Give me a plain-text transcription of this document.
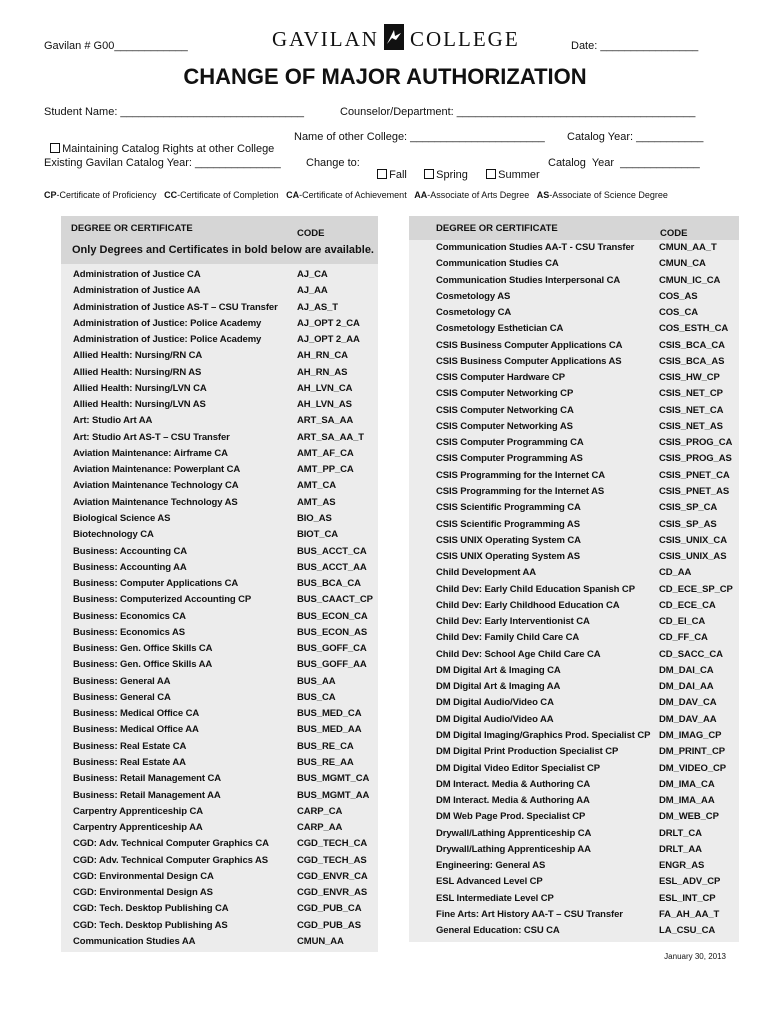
Gavilan # G00____________	GAVILAN COLLEGE	Date: ________________
CHANGE OF MAJOR AUTHORIZATION
Student Name: ______________________________	Counselor/Department: _______________________________________

Maintaining Catalog Rights at other College

Name of other College: ______________________ Catalog Year: ___________
Existing Gavilan Catalog Year: ______________ Change to:

Fall	Spring	Summer

Catalog  Year  _____________
CP-Certificate of Proficiency CC-Certificate of Completion CA-Certificate of Achievement AA-Associate of Arts Degree AS-Associate of Science Degree
DEGREE OR CERTIFICATE	CODE
Only Degrees and Certificates in bold below are available.
Administration of Justice CA	AJ_CA
Administration of Justice AA	AJ_AA
Administration of Justice AS-T – CSU Transfer AJ_AS_T
Administration of Justice: Police Academy	AJ_OPT 2_CA
Administration of Justice: Police Academy	AJ_OPT 2_AA
Allied Health: Nursing/RN CA	AH_RN_CA
Allied Health: Nursing/RN AS	AH_RN_AS
Allied Health: Nursing/LVN CA	AH_LVN_CA
Allied Health: Nursing/LVN AS	AH_LVN_AS
Art: Studio Art AA	ART_SA_AA
Art: Studio Art AS-T – CSU Transfer	ART_SA_AA_T
Aviation Maintenance: Airframe CA	AMT_AF_CA
Aviation Maintenance: Powerplant CA	AMT_PP_CA
Aviation Maintenance Technology CA	AMT_CA
Aviation Maintenance Technology AS	AMT_AS
Biological Science AS	BIO_AS
Biotechnology CA	BIOT_CA
Business: Accounting CA	BUS_ACCT_CA
Business: Accounting AA	BUS_ACCT_AA
Business: Computer Applications CA	BUS_BCA_CA
Business: Computerized Accounting CP	BUS_CAACT_CP
Business: Economics CA	BUS_ECON_CA
Business: Economics AS	BUS_ECON_AS
Business: Gen. Office Skills CA	BUS_GOFF_CA
Business: Gen. Office Skills AA	BUS_GOFF_AA
Business: General AA	BUS_AA
Business: General CA	BUS_CA
Business: Medical Office CA	BUS_MED_CA
Business: Medical Office AA	BUS_MED_AA
Business: Real Estate CA	BUS_RE_CA
Business: Real Estate AA	BUS_RE_AA
Business: Retail Management CA	BUS_MGMT_CA
Business: Retail Management AA	BUS_MGMT_AA
Carpentry Apprenticeship CA	CARP_CA
Carpentry Apprenticeship AA	CARP_AA
CGD: Adv. Technical Computer Graphics CA	CGD_TECH_CA
CGD: Adv. Technical Computer Graphics AS	CGD_TECH_AS
CGD: Environmental Design CA	CGD_ENVR_CA
CGD: Environmental Design AS	CGD_ENVR_AS
CGD: Tech. Desktop Publishing CA	CGD_PUB_CA
CGD: Tech. Desktop Publishing AS	CGD_PUB_AS
Communication Studies AA	CMUN_AA
DEGREE OR CERTIFICATE	CODE
Communication Studies AA-T - CSU Transfer	CMUN_AA_T
Communication Studies CA	CMUN_CA
Communication Studies Interpersonal CA	CMUN_IC_CA
Cosmetology AS	COS_AS
Cosmetology CA	COS_CA
Cosmetology Esthetician CA	COS_ESTH_CA
CSIS Business Computer Applications CA	CSIS_BCA_CA
CSIS Business Computer Applications AS	CSIS_BCA_AS
CSIS Computer Hardware CP	CSIS_HW_CP
CSIS Computer Networking CP	CSIS_NET_CP
CSIS Computer Networking CA	CSIS_NET_CA
CSIS Computer Networking AS	CSIS_NET_AS
CSIS Computer Programming CA	CSIS_PROG_CA
CSIS Computer Programming AS	CSIS_PROG_AS
CSIS Programming for the Internet CA	CSIS_PNET_CA
CSIS Programming for the Internet AS	CSIS_PNET_AS
CSIS Scientific Programming CA	CSIS_SP_CA
CSIS Scientific Programming AS	CSIS_SP_AS
CSIS UNIX Operating System CA	CSIS_UNIX_CA
CSIS UNIX Operating System AS	CSIS_UNIX_AS
Child Development AA	CD_AA
Child Dev: Early Child Education Spanish CP	CD_ECE_SP_CP
Child Dev: Early Childhood Education CA	CD_ECE_CA
Child Dev: Early Interventionist CA	CD_EI_CA
Child Dev: Family Child Care CA	CD_FF_CA
Child Dev: School Age Child Care CA	CD_SACC_CA
DM Digital Art & Imaging CA	DM_DAI_CA
DM Digital Art & Imaging AA	DM_DAI_AA
DM Digital Audio/Video CA	DM_DAV_CA
DM Digital Audio/Video AA	DM_DAV_AA
DM Digital Imaging/Graphics Prod. Specialist CP DM_IMAG_CP
DM Digital Print Production Specialist CP	DM_PRINT_CP
DM Digital Video Editor Specialist CP	DM_VIDEO_CP
DM Interact. Media & Authoring CA	DM_IMA_CA
DM Interact. Media & Authoring AA	DM_IMA_AA
DM Web Page Prod. Specialist CP	DM_WEB_CP
Drywall/Lathing Apprenticeship CA	DRLT_CA
Drywall/Lathing Apprenticeship AA	DRLT_AA
Engineering: General AS	ENGR_AS
ESL Advanced Level CP	ESL_ADV_CP
ESL Intermediate Level CP	ESL_INT_CP
Fine Arts: Art History AA-T – CSU Transfer	FA_AH_AA_T
General Education: CSU CA	LA_CSU_CA
January 30, 2013
